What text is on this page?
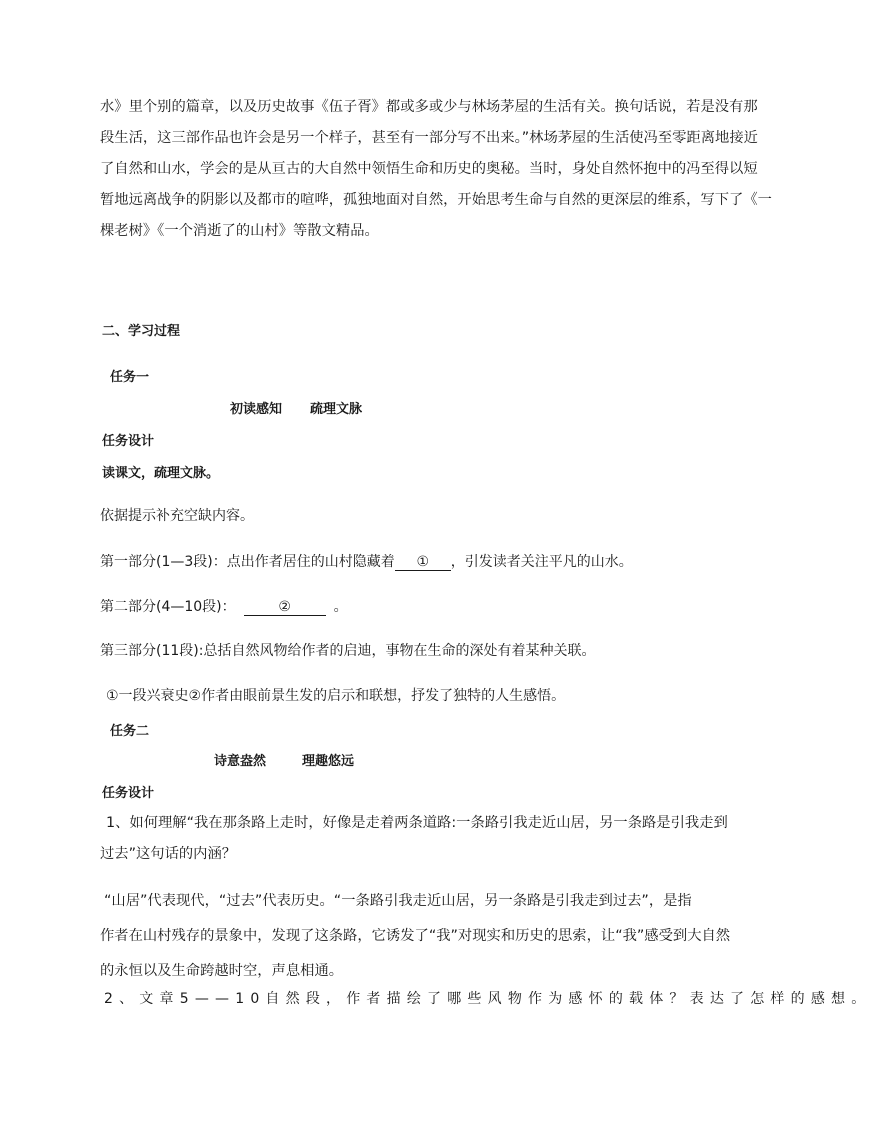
水》里个别的篇章，以及历史故事《伍子胥》都或多或少与林场茅屋的生活有关。换句话说，若是没有那
段生活，这三部作品也许会是另一个样子，甚至有一部分写不出来。”林场茅屋的生活使冯至零距离地接近
了自然和山水，学会的是从亘古的大自然中领悟生命和历史的奥秘。当时，身处自然怀抱中的冯至得以短
暂地远离战争的阴影以及都市的喧哗，孤独地面对自然，开始思考生命与自然的更深层的维系，写下了《一
棵老树》《一个消逝了的山村》等散文精品。
二、学习过程
任务一
初读感知 疏理文脉
任务设计
读课文，疏理文脉。
依据提示补充空缺内容。
第一部分(1—3段)：点出作者居住的山村隐藏着 ① ，引发读者关注平凡的山水。
第二部分(4—10段)：	②	。
第三部分(11段):总括自然风物给作者的启迪，事物在生命的深处有着某种关联。
①一段兴衰史②作者由眼前景生发的启示和联想，抒发了独特的人生感悟。
任务二
诗意盎然	理趣悠远
任务设计
1、如何理解“我在那条路上走时，好像是走着两条道路:一条路引我走近山居，另一条路是引我走到
过去”这句话的内涵？
“山居”代表现代，“过去”代表历史。“一条路引我走近山居，另一条路是引我走到过去”，是指
作者在山村残存的景象中，发现了这条路，它诱发了“我”对现实和历史的思索，让“我”感受到大自然
的永恒以及生命跨越时空，声息相通。
2、文章5——10自然段，作者描绘了哪些风物作为感怀的载体？表达了怎样的感想。
